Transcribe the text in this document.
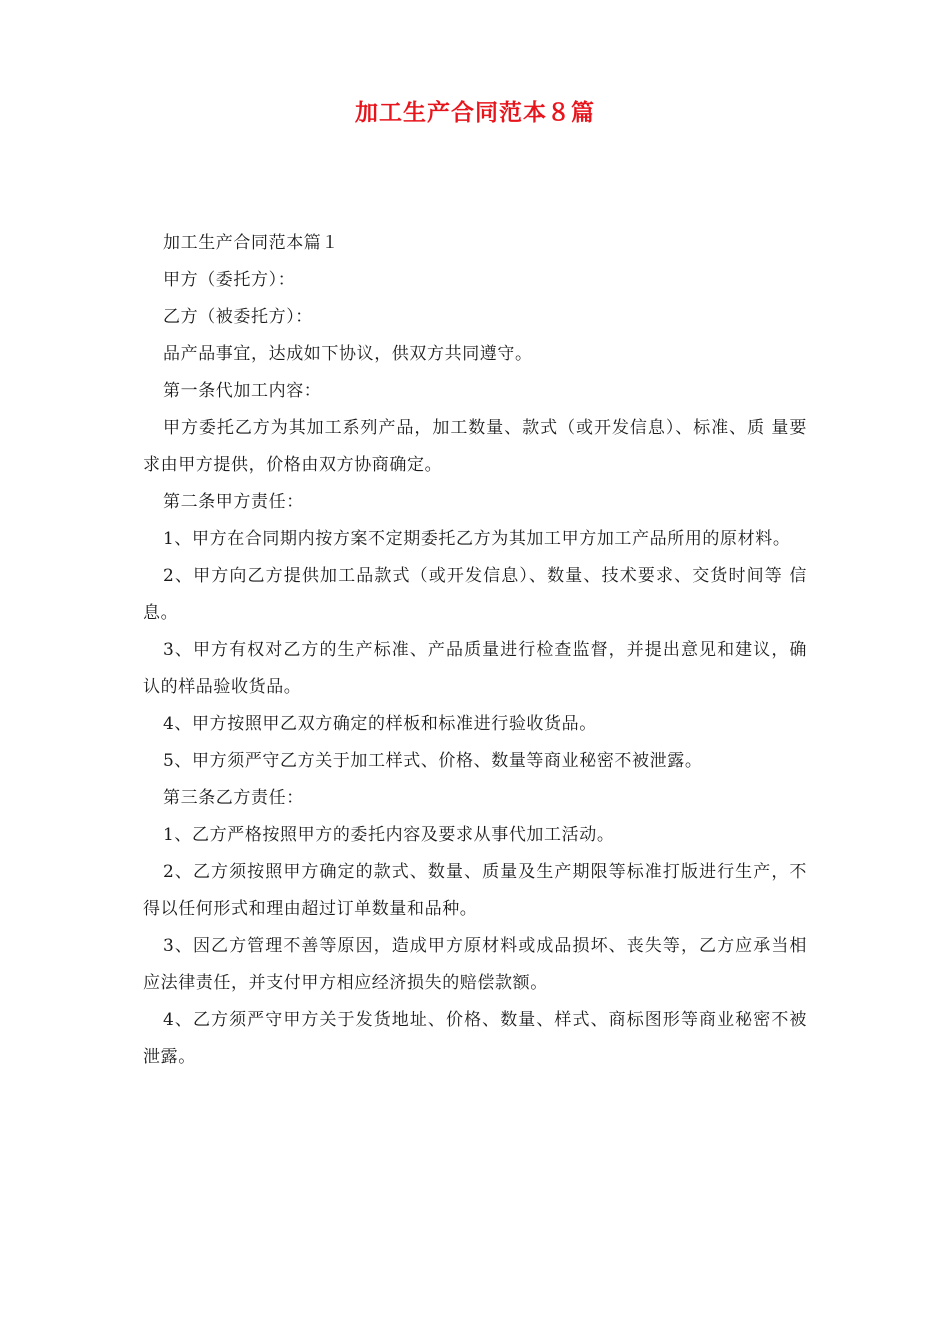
加工生产合同范本８篇

加工生产合同范本篇１

甲方（委托方）：

乙方（被委托方）：

品产品事宜，达成如下协议，供双方共同遵守。

第一条代加工内容：

甲方委托乙方为其加工系列产品，加工数量、款式（或开发信息）、标准、质 量要求由甲方提供，价格由双方协商确定。

第二条甲方责任：

1、甲方在合同期内按方案不定期委托乙方为其加工甲方加工产品所用的原材料。

2、甲方向乙方提供加工品款式（或开发信息）、数量、技术要求、交货时间等 信息。

3、甲方有权对乙方的生产标准、产品质量进行检查监督，并提出意见和建议，确认的样品验收货品。

4、甲方按照甲乙双方确定的样板和标准进行验收货品。

5、甲方须严守乙方关于加工样式、价格、数量等商业秘密不被泄露。

第三条乙方责任：

1、乙方严格按照甲方的委托内容及要求从事代加工活动。

2、乙方须按照甲方确定的款式、数量、质量及生产期限等标准打版进行生产，不得以任何形式和理由超过订单数量和品种。

3、因乙方管理不善等原因，造成甲方原材料或成品损坏、丧失等，乙方应承当相应法律责任，并支付甲方相应经济损失的赔偿款额。

4、乙方须严守甲方关于发货地址、价格、数量、样式、商标图形等商业秘密不被泄露。
